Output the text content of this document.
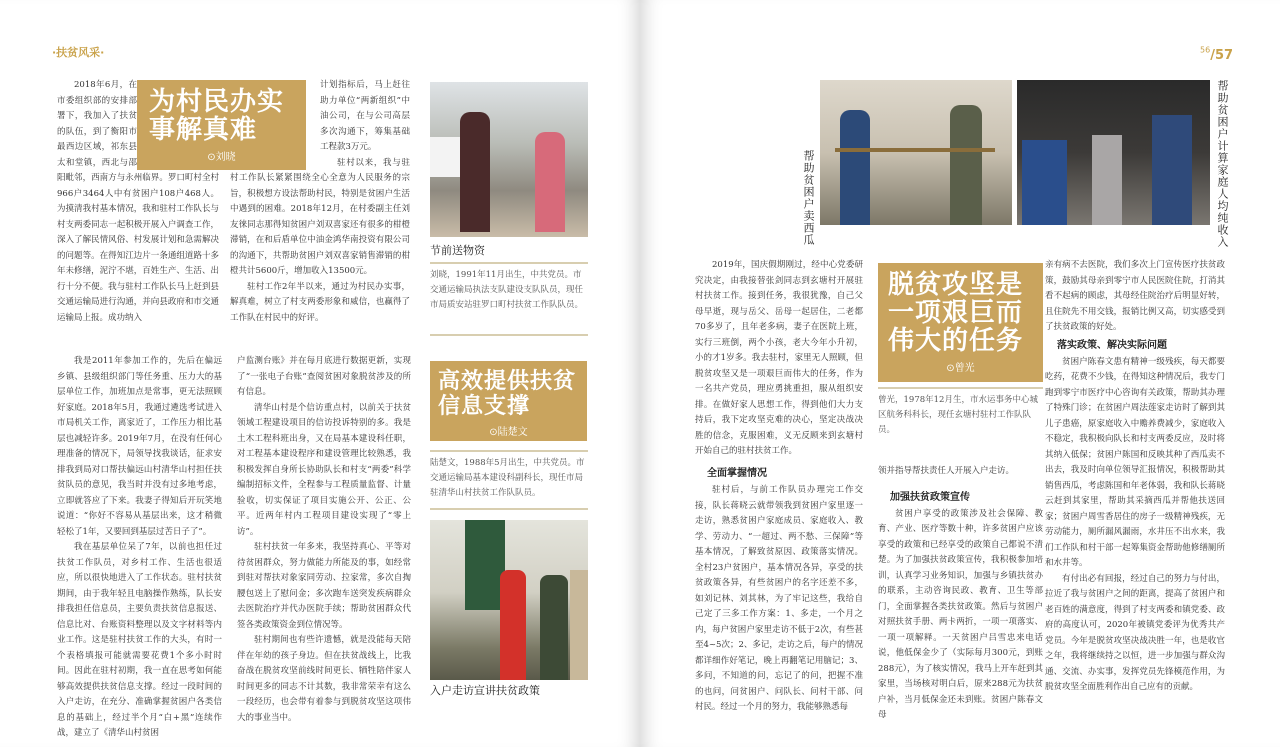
·扶贫风采·
为村民办实事解真难
⊙刘晓

2018年6月，在市委组织部的安排部署下，我加入了扶贫的队伍，到了衡阳市最西边区域，祁东县太和堂镇，西北与邵阳毗邻，西南方与永州临界。罗口町村全村966户3464人中有贫困户108户468人。为摸清我村基本情况，我和驻村工作队长与村支两委同志一起积极开展入户调查工作，深入了解民情风俗、村发展计划和急需解决的问题等。在得知江边片一条通组道路十多年未修缮，泥泞不堪，百姓生产、生活、出行十分不便。我与驻村工作队长马上赶到县交通运输局进行沟通，并向县政府和市交通运输局上报。成功纳入

计划指标后，马上赶往助力单位“两新组织”中油公司，在与公司高层多次沟通下，筹集基础工程款3万元。

驻村以来，我与驻村工作队长紧紧围绕全心全意为人民服务的宗旨，积极想方设法帮助村民，特别是贫困户生活中遇到的困难。2018年12月，在村委副主任刘友徕同志那得知贫困户刘双喜家还有很多的柑橙滞销，在和后盾单位中油金鸿华南投资有限公司的沟通下，共帮助贫困户刘双喜家销售滞销的柑橙共计5600斤，增加收入13500元。

驻村工作2年半以来，通过为村民办实事，解真难，树立了村支两委形象和威信，也赢得了工作队在村民中的好评。

节前送物资
刘晓，1991年11月出生，中共党员。市交通运输局执法支队建设支队队员，现任市局质安站驻罗口町村扶贫工作队队员。

我是2011年参加工作的，先后在偏远乡镇、县级组织部门等任务重、压力大的基层单位工作，加班加点是常事，更无法照顾好家庭。2018年5月，我通过遴选考试进入市局机关工作，离家近了，工作压力相比基层也减轻许多。2019年7月，在没有任何心理准备的情况下，局领导找我谈话，征求安排我到局对口帮扶偏远山村清华山村担任扶贫队员的意见，我当时并没有过多地考虑，立即就答应了下来。我妻子得知后开玩笑地说道：“你好不容易从基层出来，这才稍微轻松了1年，又要回到基层过苦日子了”。

我在基层单位呆了7年，以前也担任过扶贫工作队员，对乡村工作、生活也很适应，所以很快地进入了工作状态。驻村扶贫期间，由于我年轻且电脑操作熟练，队长安排我担任信息员，主要负责扶贫信息报送、信息比对、台账资料整理以及文字材料等内业工作。这是驻村扶贫工作的大头，有时一个表格填报可能就需要花费1个多小时时间。因此在驻村初期，我一直在思考如何能够高效提供扶贫信息支撑。经过一段时间的入户走访，在充分、准确掌握贫困户各类信息的基础上，经过半个月“白+黑”连续作战，建立了《清华山村贫困

户监测台账》并在每月底进行数据更新，实现了“一张电子台账”查阅贫困对象脱贫涉及的所有信息。

清华山村是个信访重点村，以前关于扶贫领域工程建设项目的信访投诉特别的多。我是土木工程科班出身，又在局基本建设科任职，对工程基本建设程序和建设管理比较熟悉，我积极发挥自身所长协助队长和村支“两委”科学编制招标文件，全程参与工程质量监督、计量验收，切实保证了项目实施公开、公正、公平。近两年村内工程项目建设实现了“零上访”。

驻村扶贫一年多来，我坚持真心、平等对待贫困群众，努力做能力所能及的事，如经常到驻对帮扶对象家同劳动、拉家常，多次自掏腰包送上了慰问金；多次跑车送突发疾病群众去医院治疗并代办医院手续；帮助贫困群众代签各类政策资金到位情况等。

驻村期间也有些许遗憾，就是没能每天陪伴在年幼的孩子身边。但在扶贫战线上，比我奋战在脱贫攻坚前线时间更长、牺牲陪伴家人时间更多的同志不计其数，我非常荣幸有这么一段经历，也会带有着参与到脱贫攻坚这项伟大的事业当中。

高效提供扶贫信息支撑
⊙陆楚文
陆楚文，1988年5月出生，中共党员。市交通运输局基本建设科副科长，现任市局驻清华山村扶贫工作队队员。
入户走访宣讲扶贫政策
$^{56}$/57
帮助贫困户卖西瓜	帮助贫困户计算家庭人均纯收入

2019年，国庆假期刚过，经中心党委研究决定，由我接替张剑同志到玄塘村开展驻村扶贫工作。接到任务，我很犹豫，自己父母早逝，现与岳父、岳母一起居住，二老都70多岁了，且年老多病，妻子在医院上班，实行三班倒，两个小孩，老大今年小升初，小的才1岁多。我去驻村，家里无人照顾，但脱贫攻坚又是一项艰巨而伟大的任务，作为一名共产党员，理应勇挑重担，服从组织安排。在做好家人思想工作，得到他们大力支持后，我下定攻坚克难的决心，坚定决战决胜的信念，克服困难，义无反顾来到玄塘村开始自己的驻村扶贫工作。

脱贫攻坚是一项艰巨而伟大的任务
⊙曾光
曾光，1978年12月生，市水运事务中心城区航务科科长，现任玄塘村驻村工作队队员。
全面掌握情况

驻村后，与前工作队员办理完工作交接，队长蒋晓云就带领我到贫困户家里逐一走访，熟悉贫困户家庭成员、家庭收入、教学、劳动力、“一超过、两不愁、三保障”等基本情况，了解致贫原因、政策落实情况。全村23户贫困户，基本情况各异，享受的扶贫政策各异，有些贫困户的名字还差不多，如刘记林、刘其林，为了牢记这些，我给自己定了三多工作方案：1、多走，一个月之内，每户贫困户家里走访不低于2次，有些甚至4~5次；2、多记，走访之后，每户的情况都详细作好笔记，晚上再翻笔记用脑记；3、多问，不知道的问，忘记了的问，把握不准的也问，问贫困户、问队长、问村干部、问村民。经过一个月的努力，我能够熟悉每

领并指导帮扶责任人开展入户走访。

加强扶贫政策宣传

贫困户享受的政策涉及社会保障、教育、产业、医疗等数十种，许多贫困户应该享受的政策和已经享受的政策自己都说不清楚。为了加强扶贫政策宣传，我积极参加培训，认真学习业务知识，加强与乡镇扶贫办的联系，主动咨询民政、教育、卫生等部门，全面掌握各类扶贫政策。然后与贫困户对照扶贫手册、两卡两折，一项一项落实、一项一项解释。一天贫困户吕雪忠来电话说，他低保金少了（实际每月300元，到账288元），为了核实情况，我马上开车赶到其家里，当场核对明白后，原来288元为扶贫户补，当月低保金还未到账。贫困户陈春文母

亲有病不去医院，我们多次上门宣传医疗扶贫政策，鼓励其母亲到零宁市人民医院住院，打消其看不起病的顾虑，其母经住院治疗后明显好转，且住院先不用交钱，报销比例又高，切实感受到了扶贫政策的好处。

落实政策、解决实际问题

贫困户陈春文患有精神一级残疾，每天都要吃药，花费不少钱，在得知这种情况后，我专门跑到零宁市医疗中心咨询有关政策，帮助其办理了特殊门诊；在贫困户周法莲家走访时了解到其儿子患癌，原家庭收入中赡养费减少，家庭收入不稳定，我积极向队长和村支两委反应，及时将其纳入低保；贫困户陈国和反映其种了西瓜卖不出去，我及时向单位领导汇报情况，积极帮助其销售西瓜，考虑陈国和年老体弱，我和队长蒋晓云赶到其家里，帮助其采摘西瓜并帮他扶送回家；贫困户周雪香居住的房子一级精神残疾，无劳动能力，厕所漏风漏雨，水井压不出水来，我们工作队和村干部一起筹集资金帮助他修缮厕所和水井等。

有付出必有回报，经过自己的努力与付出，拉近了我与贫困户之间的距离，提高了贫困户和老百姓的满意度，得到了村支两委和镇党委、政府的高度认可，2020年被镇党委评为优秀共产党员。今年是脱贫攻坚决战决胜一年，也是收官之年，我将继续持之以恒，进一步加强与群众沟通、交流、办实事，发挥党员先锋模范作用，为脱贫攻坚全面胜利作出自己应有的贡献。
